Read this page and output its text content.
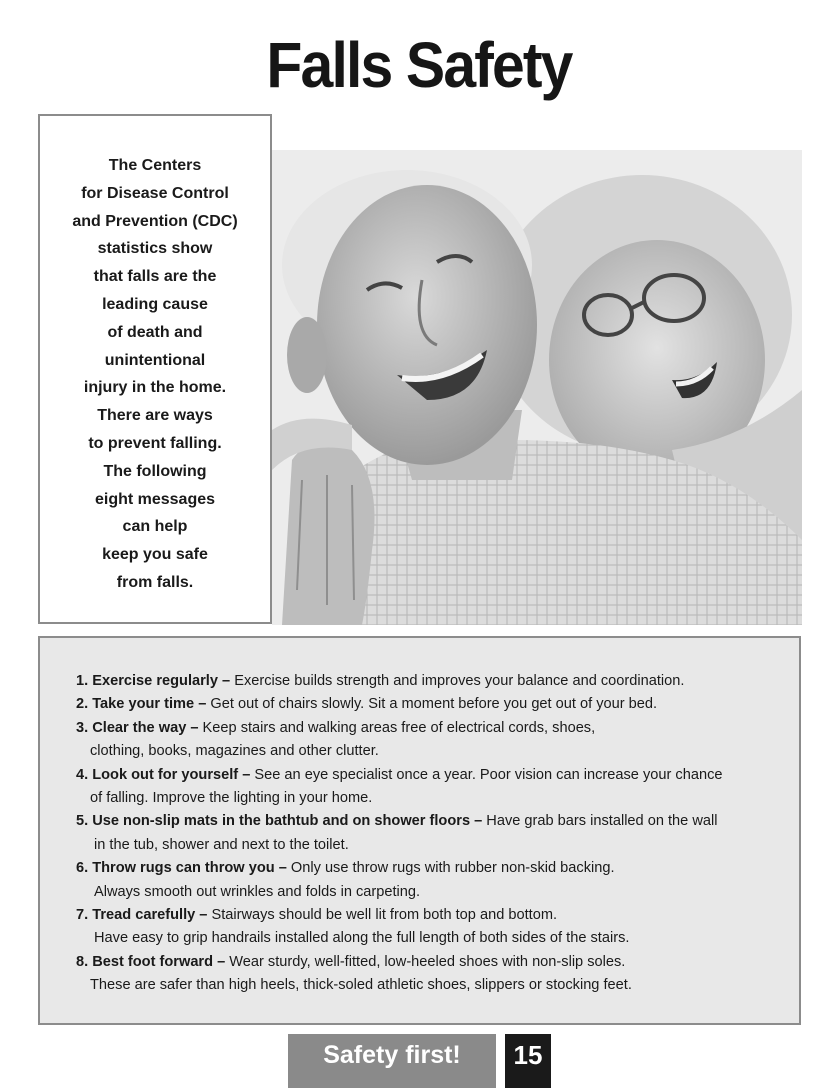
Falls Safety
The Centers
for Disease Control
and Prevention (CDC)
statistics show
that falls are the
leading cause
of death and
unintentional
injury in the home.
There are ways
to prevent falling.
The following
eight messages
can help
keep you safe
from falls.
1. Exercise regularly – Exercise builds strength and improves your balance and coordination.
2. Take your time – Get out of chairs slowly. Sit a moment before you get out of your bed.
3. Clear the way – Keep stairs and walking areas free of electrical cords, shoes,
clothing, books, magazines and other clutter.
4. Look out for yourself – See an eye specialist once a year. Poor vision can increase your chance
of falling. Improve the lighting in your home.
5. Use non-slip mats in the bathtub and on shower floors – Have grab bars installed on the wall
in the tub, shower and next to the toilet.
6. Throw rugs can throw you – Only use throw rugs with rubber non-skid backing.
Always smooth out wrinkles and folds in carpeting.
7. Tread carefully – Stairways should be well lit from both top and bottom.
Have easy to grip handrails installed along the full length of both sides of the stairs.
8. Best foot forward – Wear sturdy, well-fitted, low-heeled shoes with non-slip soles.
These are safer than high heels, thick-soled athletic shoes, slippers or stocking feet.
Safety first!	15
